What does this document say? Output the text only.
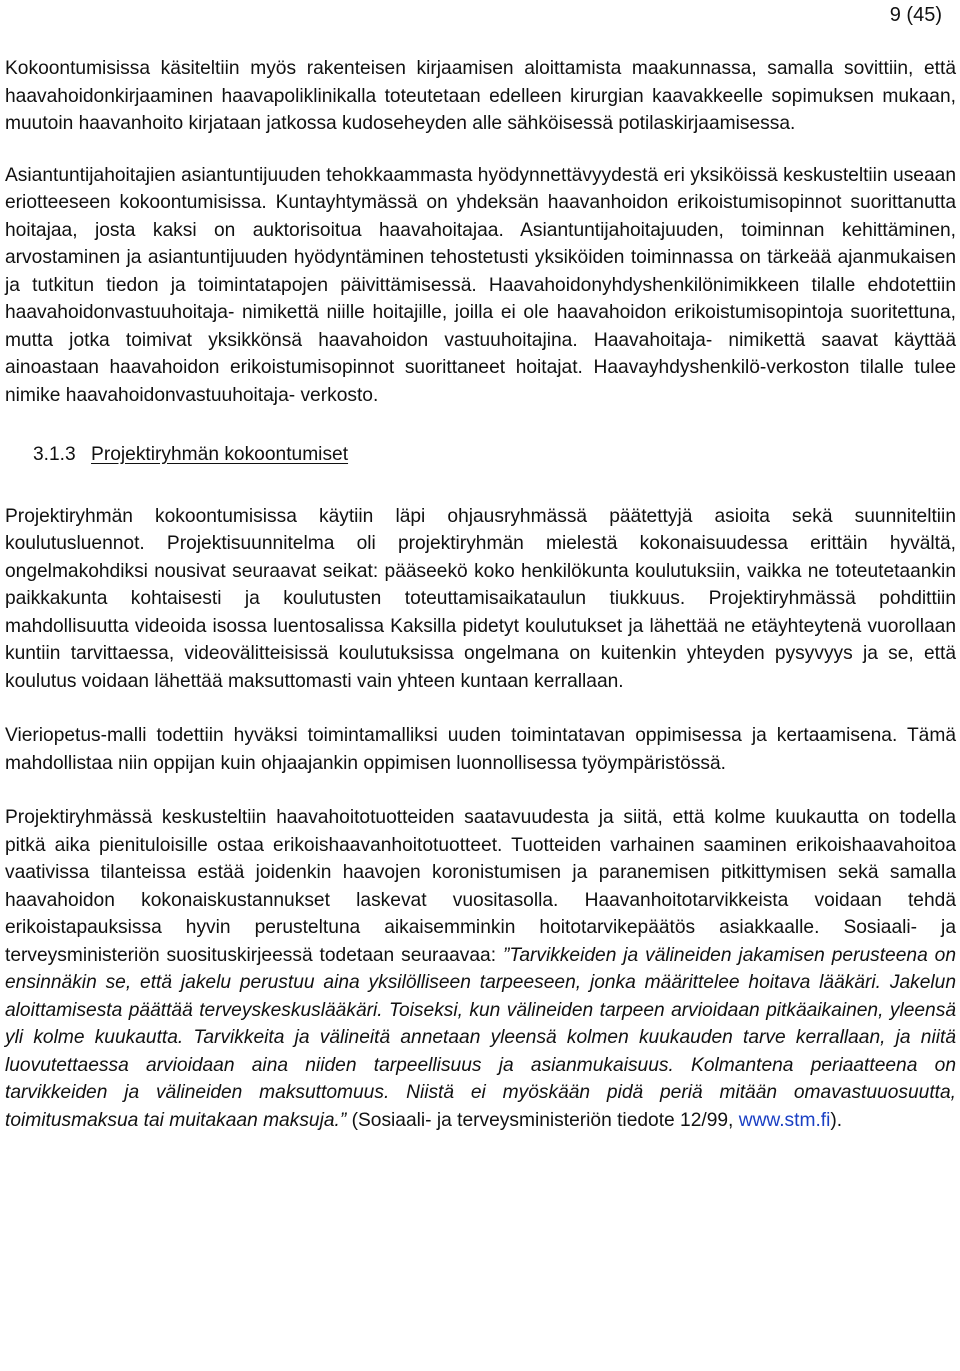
9 (45)

Kokoontumisissa käsiteltiin myös rakenteisen kirjaamisen aloittamista maakunnassa, samalla sovittiin, että haavahoidonkirjaaminen haavapoliklinikalla toteutetaan edelleen kirurgian kaavakkeelle sopimuksen mukaan, muutoin haavanhoito kirjataan jatkossa kudoseheyden alle sähköisessä potilaskirjaamisessa.

Asiantuntijahoitajien asiantuntijuuden tehokkaammasta hyödynnettävyydestä eri yksiköissä keskusteltiin useaan eriotteeseen kokoontumisissa. Kuntayhtymässä on yhdeksän haavanhoidon erikoistumisopinnot suorittanutta hoitajaa, josta kaksi on auktorisoitua haavahoitajaa. Asiantuntijahoitajuuden, toiminnan kehittäminen, arvostaminen ja asiantuntijuuden hyödyntäminen tehostetusti yksiköiden toiminnassa on tärkeää ajanmukaisen ja tutkitun tiedon ja toimintatapojen päivittämisessä. Haavahoidonyhdyshenkilönimikkeen tilalle ehdotettiin haavahoidonvastuuhoitaja- nimikettä niille hoitajille, joilla ei ole haavahoidon erikoistumisopintoja suoritettuna, mutta jotka toimivat yksikkönsä haavahoidon vastuuhoitajina. Haavahoitaja- nimikettä saavat käyttää ainoastaan haavahoidon erikoistumisopinnot suorittaneet hoitajat. Haavayhdyshenkilö-verkoston tilalle tulee nimike haavahoidonvastuuhoitaja- verkosto.

3.1.3 Projektiryhmän kokoontumiset

Projektiryhmän kokoontumisissa käytiin läpi ohjausryhmässä päätettyjä asioita sekä suunniteltiin koulutusluennot. Projektisuunnitelma oli projektiryhmän mielestä kokonaisuudessa erittäin hyvältä, ongelmakohdiksi nousivat seuraavat seikat: pääseekö koko henkilökunta koulutuksiin, vaikka ne toteutetaankin paikkakunta kohtaisesti ja koulutusten toteuttamisaikataulun tiukkuus. Projektiryhmässä pohdittiin mahdollisuutta videoida isossa luentosalissa Kaksilla pidetyt koulutukset ja lähettää ne etäyhteytenä vuorollaan kuntiin tarvittaessa, videovälitteisissä koulutuksissa ongelmana on kuitenkin yhteyden pysyvyys ja se, että koulutus voidaan lähettää maksuttomasti vain yhteen kuntaan kerrallaan.

Vieriopetus-malli todettiin hyväksi toimintamalliksi uuden toimintatavan oppimisessa ja kertaamisena. Tämä mahdollistaa niin oppijan kuin ohjaajankin oppimisen luonnollisessa työympäristössä.

Projektiryhmässä keskusteltiin haavahoitotuotteiden saatavuudesta ja siitä, että kolme kuukautta on todella pitkä aika pienituloisille ostaa erikoishaavanhoitotuotteet. Tuotteiden varhainen saaminen erikoishaavahoitoa vaativissa tilanteissa estää joidenkin haavojen koronistumisen ja paranemisen pitkittymisen sekä samalla haavahoidon kokonaiskustannukset laskevat vuositasolla. Haavanhoitotarvikkeista voidaan tehdä erikoistapauksissa hyvin perusteltuna aikaisemminkin hoitotarvikepäätös asiakkaalle. Sosiaali- ja terveysministeriön suosituskirjeessä todetaan seuraavaa: ”Tarvikkeiden ja välineiden jakamisen perusteena on ensinnäkin se, että jakelu perustuu aina yksilölliseen tarpeeseen, jonka määrittelee hoitava lääkäri. Jakelun aloittamisesta päättää terveyskeskuslääkäri. Toiseksi, kun välineiden tarpeen arvioidaan pitkäaikainen, yleensä yli kolme kuukautta. Tarvikkeita ja välineitä annetaan yleensä kolmen kuukauden tarve kerrallaan, ja niitä luovutettaessa arvioidaan aina niiden tarpeellisuus ja asianmukaisuus. Kolmantena periaatteena on tarvikkeiden ja välineiden maksuttomuus. Niistä ei myöskään pidä periä mitään omavastuuosuutta, toimitusmaksua tai muitakaan maksuja.” (Sosiaali- ja terveysministeriön tiedote 12/99, www.stm.fi).
